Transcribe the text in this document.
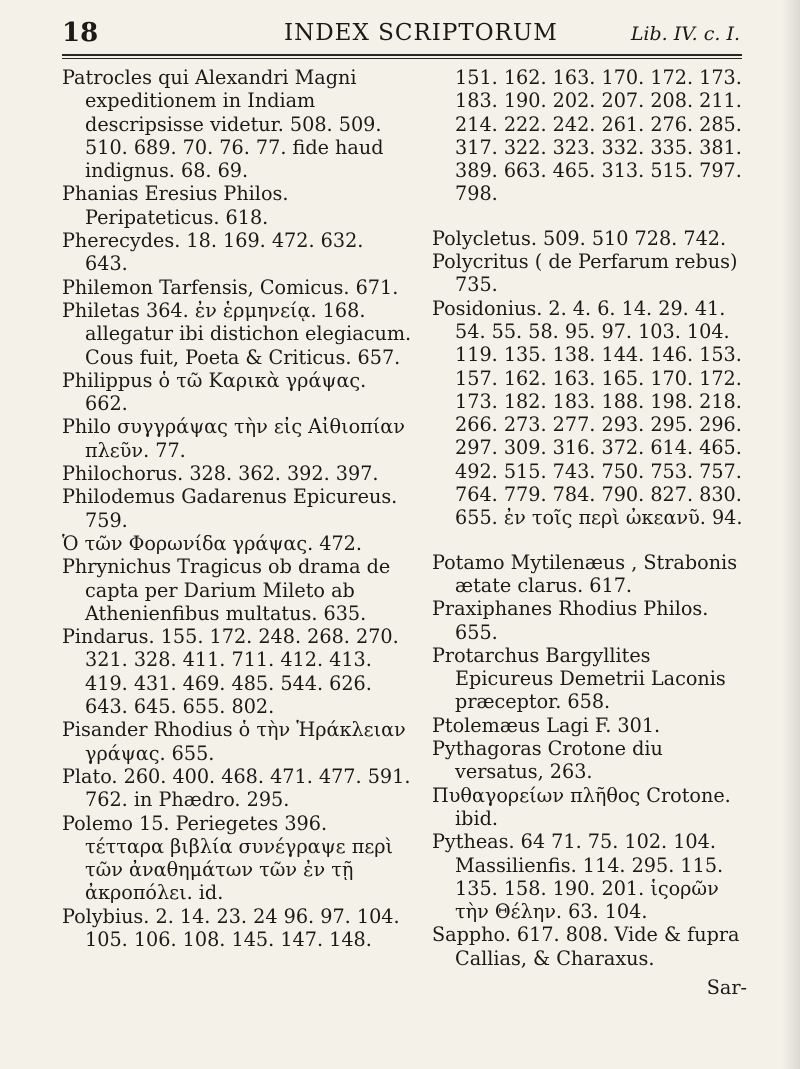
18	INDEX SCRIPTORUM	Lib. IV. c. I.
Patrocles qui Alexandri Magni expeditionem in Indiam descripsisse videtur. 508. 509. 510. 689. 70. 76. 77. fide haud indignus. 68. 69.
Phanias Eresius Philos. Peripateticus. 618.
Pherecydes. 18. 169. 472. 632. 643.
Philemon Tarfensis, Comicus. 671.
Philetas 364. ἐν ἑρμηνείᾳ. 168. allegatur ibi distichon elegiacum. Cous fuit, Poeta & Criticus. 657.
Philippus ὁ τῶ Καρικὰ γράψας. 662.
Philo συγγράψας τὴν εἰς Αἰθιοπίαν πλεῦν. 77.
Philochorus. 328. 362. 392. 397.
Philodemus Gadarenus Epicureus. 759.
Ὁ τῶν Φορωνίδα γράψας. 472.
Phrynichus Tragicus ob drama de capta per Darium Mileto ab Athenienfibus multatus. 635.
Pindarus. 155. 172. 248. 268. 270. 321. 328. 411. 711. 412. 413. 419. 431. 469. 485. 544. 626. 643. 645. 655. 802.
Pisander Rhodius ὁ τὴν Ἡράκλειαν γράψας. 655.
Plato. 260. 400. 468. 471. 477. 591. 762. in Phædro. 295.
Polemo 15. Periegetes 396. τέτταρα βιβλία συνέγραψε περὶ τῶν ἀναθημάτων τῶν ἐν τῇ ἀκροπόλει. id.
Polybius. 2. 14. 23. 24 96. 97. 104. 105. 106. 108. 145. 147. 148.
151. 162. 163. 170. 172. 173. 183. 190. 202. 207. 208. 211. 214. 222. 242. 261. 276. 285. 317. 322. 323. 332. 335. 381. 389. 663. 465. 313. 515. 797. 798.
Polycletus. 509. 510 728. 742.
Polycritus ( de Perfarum rebus) 735.
Posidonius. 2. 4. 6. 14. 29. 41. 54. 55. 58. 95. 97. 103. 104. 119. 135. 138. 144. 146. 153. 157. 162. 163. 165. 170. 172. 173. 182. 183. 188. 198. 218. 266. 273. 277. 293. 295. 296. 297. 309. 316. 372. 614. 465. 492. 515. 743. 750. 753. 757. 764. 779. 784. 790. 827. 830. 655. ἐν τοῖς περὶ ὠκεανῦ. 94.
Potamo Mytilenæus , Strabonis ætate clarus. 617.
Praxiphanes Rhodius Philos. 655.
Protarchus Bargyllites Epicureus Demetrii Laconis præceptor. 658.
Ptolemæus Lagi F. 301.
Pythagoras Crotone diu versatus, 263.
Πυθαγορείων πλῆθος Crotone. ibid.
Pytheas. 64 71. 75. 102. 104. Massilienfis. 114. 295. 115. 135. 158. 190. 201. ἱςορῶν τὴν Θέλην. 63. 104.
Sappho. 617. 808. Vide & fupra Callias, & Charaxus.
Sar-
